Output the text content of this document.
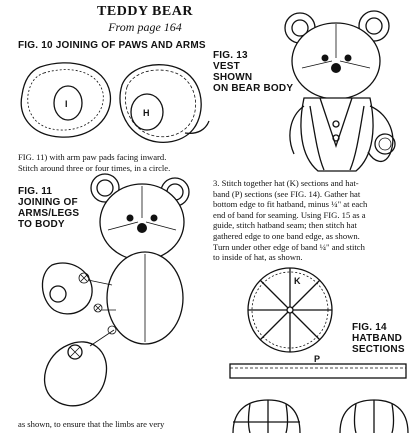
TEDDY BEAR
From page 164
FIG. 10 JOINING OF PAWS AND ARMS
I
H
FIG. 11) with arm paw pads facing inward.
Stitch around three or four times, in a circle.
FIG. 11
JOINING OF
ARMS/LEGS
TO BODY
as shown, to ensure that the limbs are very
FIG. 13
VEST
SHOWN
ON BEAR BODY
3. Stitch together hat (K) sections and hat-
band (P) sections (see FIG. 14). Gather hat
bottom edge to fit hatband, minus ¼" at each
end of band for seaming. Using FIG. 15 as a
guide, stitch hatband seam; then stitch hat
gathered edge to one band edge, as shown.
Turn under other edge of band ¼" and stitch
to inside of hat, as shown.
K
FIG. 14
HATBAND
SECTIONS
P
